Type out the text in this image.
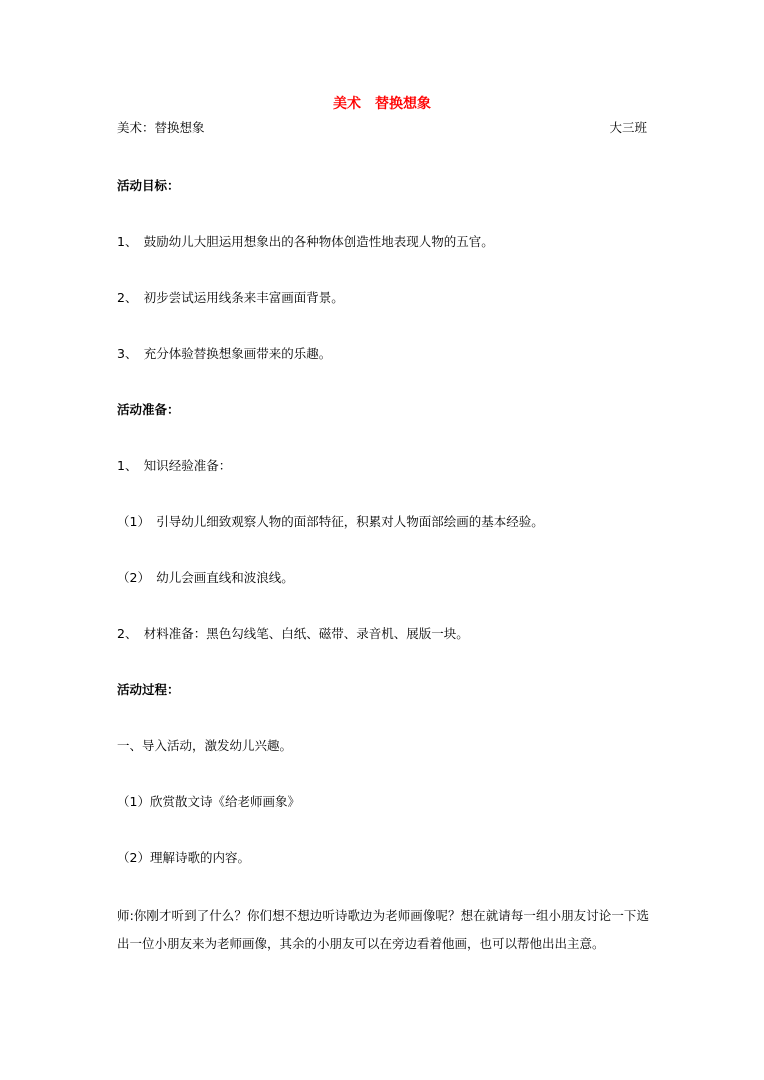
美术　替换想象
美术：替换想象	大三班
活动目标：
1、　鼓励幼儿大胆运用想象出的各种物体创造性地表现人物的五官。
2、　初步尝试运用线条来丰富画面背景。
3、　充分体验替换想象画带来的乐趣。
活动准备：
1、　知识经验准备：
（1）　引导幼儿细致观察人物的面部特征，积累对人物面部绘画的基本经验。
（2）　幼儿会画直线和波浪线。
2、　材料准备：黑色勾线笔、白纸、磁带、录音机、展版一块。
活动过程：
一、导入活动，激发幼儿兴趣。
（1）欣赏散文诗《给老师画象》
（2）理解诗歌的内容。
师:你刚才听到了什么？你们想不想边听诗歌边为老师画像呢？想在就请每一组小朋友讨论一下选出一位小朋友来为老师画像，其余的小朋友可以在旁边看着他画，也可以帮他出出主意。
